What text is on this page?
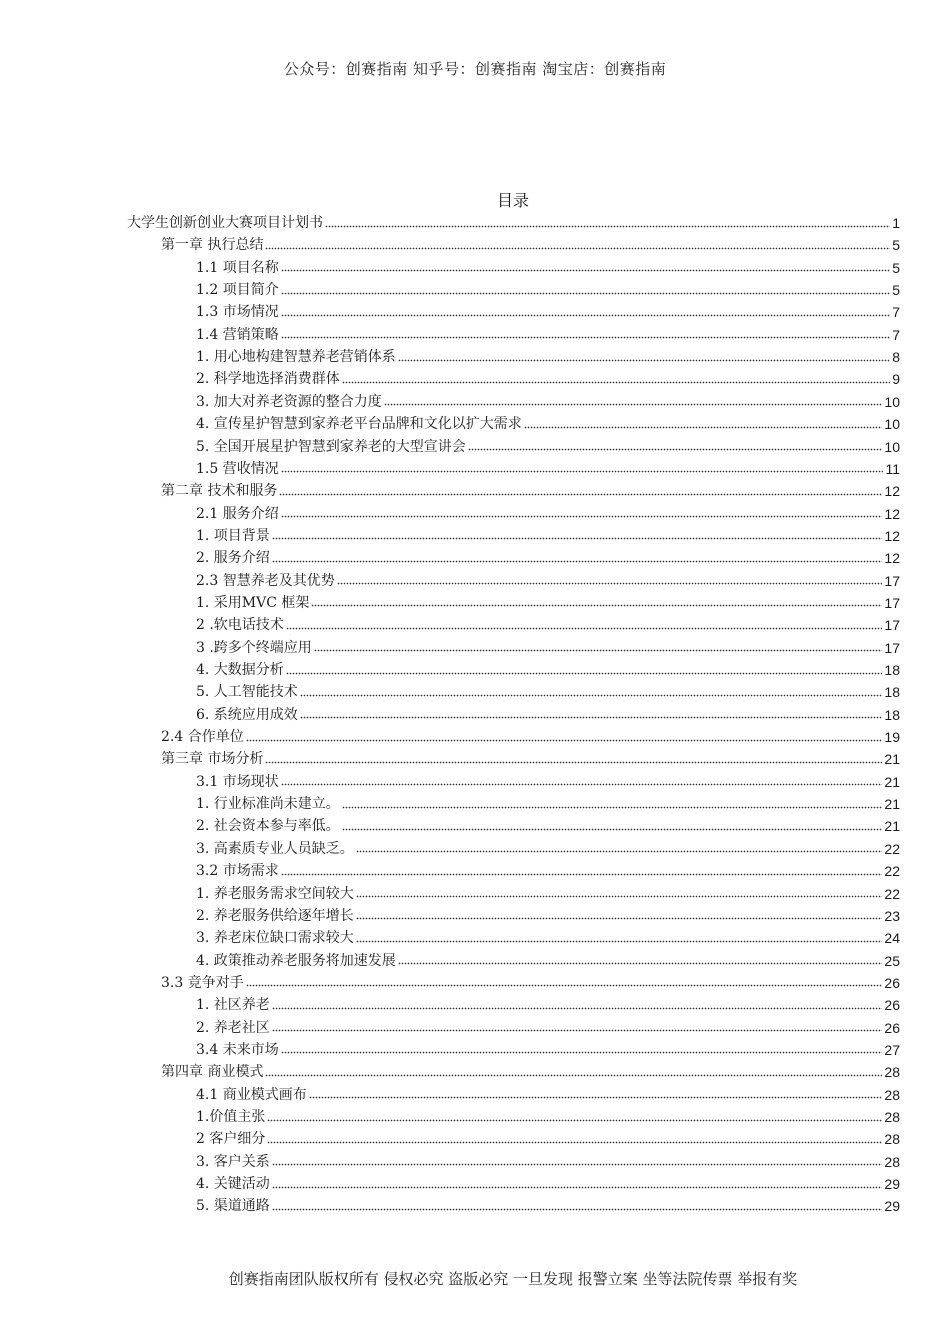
公众号：创赛指南 知乎号：创赛指南 淘宝店：创赛指南
目录
大学生创新创业大赛项目计划书	1
第一章 执行总结	5
1.1 项目名称	5
1.2 项目简介	5
1.3 市场情况	7
1.4 营销策略	7
1. 用心地构建智慧养老营销体系	8
2. 科学地选择消费群体	9
3. 加大对养老资源的整合力度	10
4. 宣传星护智慧到家养老平台品牌和文化以扩大需求	10
5. 全国开展星护智慧到家养老的大型宣讲会	10
1.5 营收情况	11
第二章 技术和服务	12
2.1 服务介绍	12
1. 项目背景	12
2. 服务介绍	12
2.3 智慧养老及其优势	17
1. 采用MVC 框架	17
2 .软电话技术	17
3 .跨多个终端应用	17
4. 大数据分析	18
5. 人工智能技术	18
6. 系统应用成效	18
2.4 合作单位	19
第三章 市场分析	21
3.1 市场现状	21
1. 行业标准尚未建立。	21
2. 社会资本参与率低。	21
3. 高素质专业人员缺乏。	22
3.2 市场需求	22
1. 养老服务需求空间较大	22
2. 养老服务供给逐年增长	23
3. 养老床位缺口需求较大	24
4. 政策推动养老服务将加速发展	25
3.3 竞争对手	26
1. 社区养老	26
2. 养老社区	26
3.4 未来市场	27
第四章 商业模式	28
4.1 商业模式画布	28
1.价值主张	28
2 客户细分	28
3. 客户关系	28
4. 关键活动	29
5. 渠道通路	29
创赛指南团队版权所有 侵权必究 盗版必究 一旦发现 报警立案 坐等法院传票 举报有奖
